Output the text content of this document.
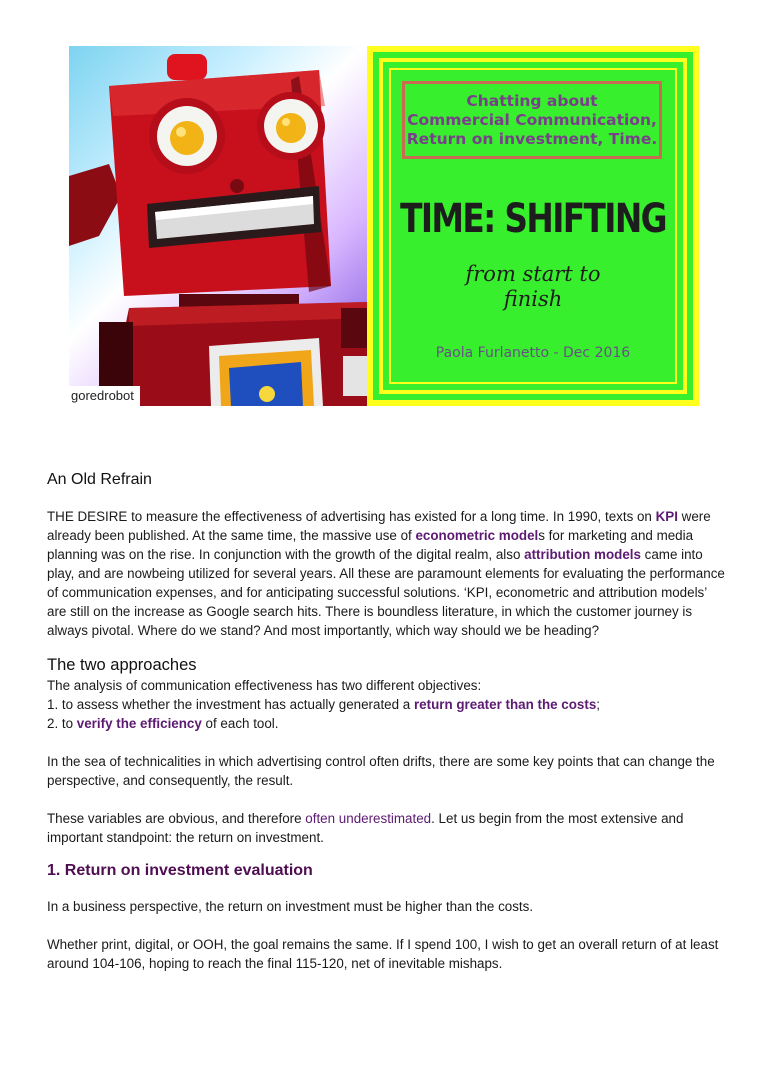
goredrobot
Chatting about
Commercial Communication,
Return on investment, Time.
TIME: SHIFTING
from start to
finish
Paola Furlanetto - Dec 2016
An Old Refrain

THE DESIRE to measure the effectiveness of advertising has existed for a long time. In 1990, texts on KPI were already been published. At the same time, the massive use of econometric models for marketing and media planning was on the rise. In conjunction with the growth of the digital realm, also attribution models came into play, and are nowbeing utilized for several years. All these are paramount elements for evaluating the performance of communication expenses, and for anticipating successful solutions. ‘KPI, econometric and attribution models’ are still on the increase as Google search hits. There is boundless literature, in which the customer journey is always pivotal. Where do we stand? And most importantly, which way should we be heading?

The two approaches

The analysis of communication effectiveness has two different objectives:

1. to assess whether the investment has actually generated a return greater than the costs;

2. to verify the efficiency of each tool.

In the sea of technicalities in which advertising control often drifts, there are some key points that can change the perspective, and consequently, the result.

These variables are obvious, and therefore often underestimated. Let us begin from the most extensive and important standpoint: the return on investment.

1. Return on investment evaluation

In a business perspective, the return on investment must be higher than the costs.

Whether print, digital, or OOH, the goal remains the same. If I spend 100, I wish to get an overall return of at least around 104-106, hoping to reach the final 115-120, net of inevitable mishaps.
